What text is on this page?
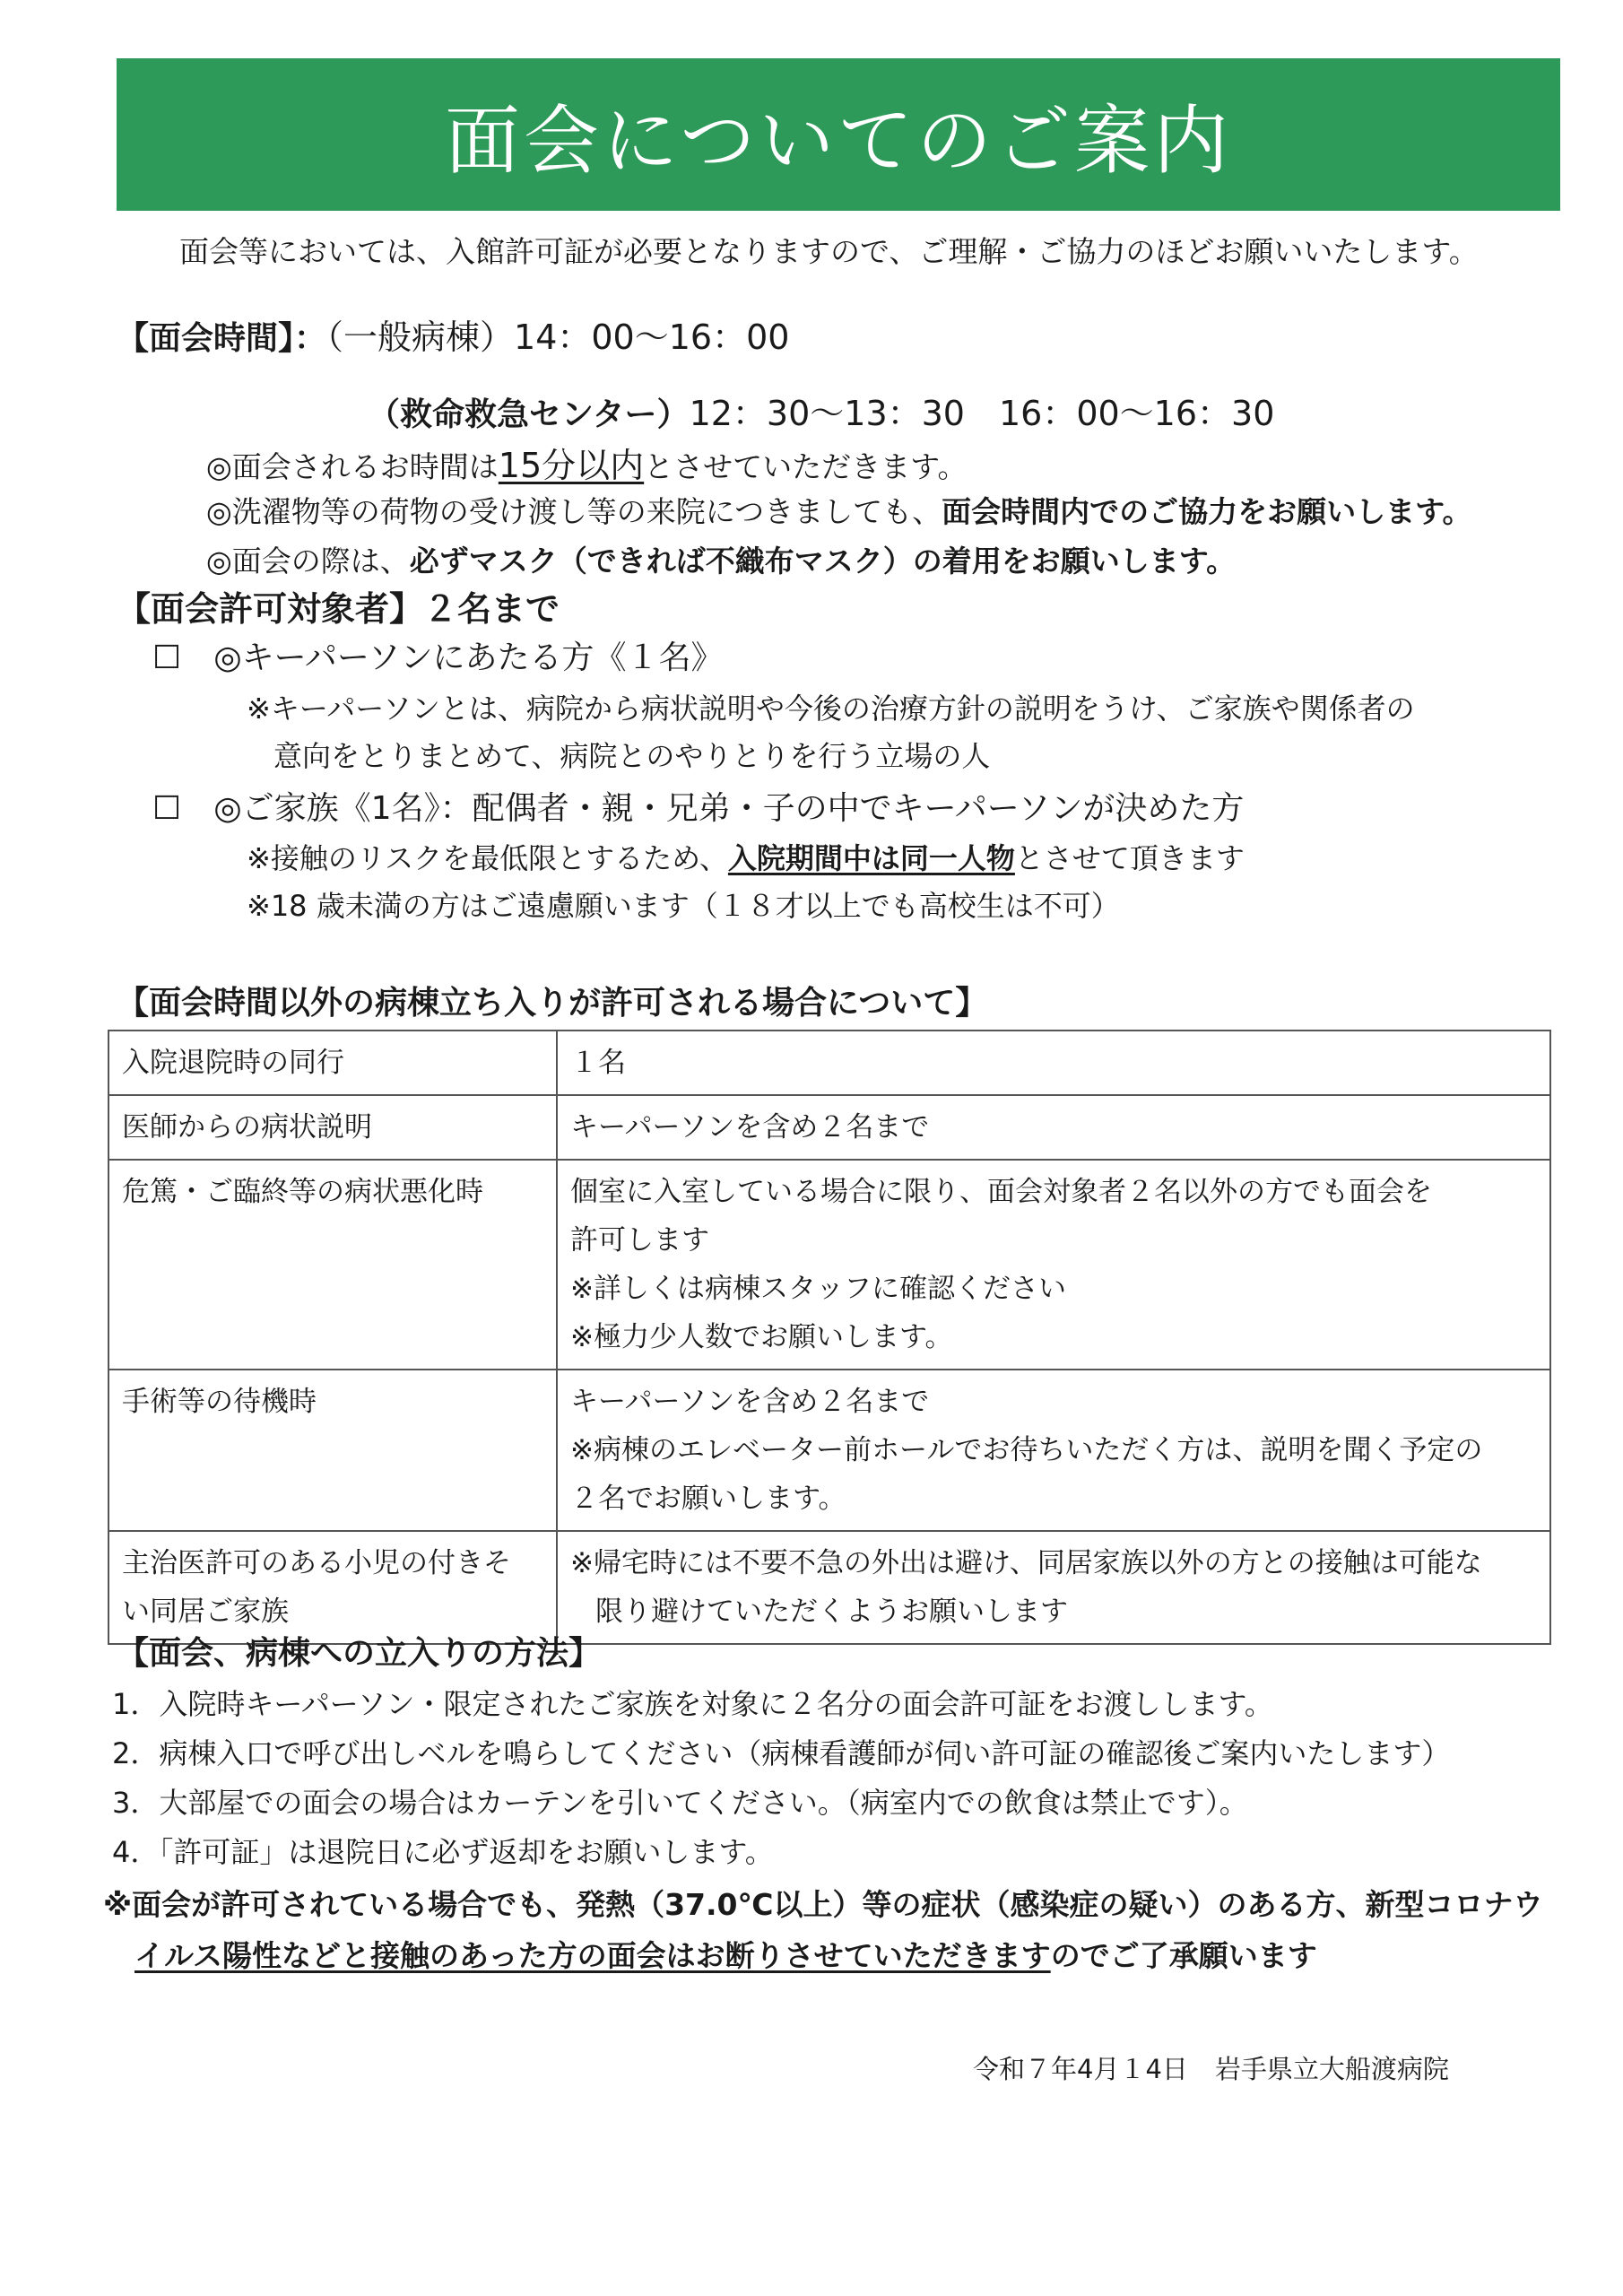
面会についてのご案内
面会等においては、入館許可証が必要となりますので、ご理解・ご協力のほどお願いいたします。
【面会時間】：（一般病棟）14：00〜16：00
（救命救急センター）12：30〜13：30　16：00〜16：30
◎面会されるお時間は15分以内とさせていただきます。
◎洗濯物等の荷物の受け渡し等の来院につきましても、面会時間内でのご協力をお願いします。
◎面会の際は、必ずマスク（できれば不織布マスク）の着用をお願いします。
【面会許可対象者】２名まで
☐　◎キーパーソンにあたる方《１名》
※キーパーソンとは、病院から病状説明や今後の治療方針の説明をうけ、ご家族や関係者の
意向をとりまとめて、病院とのやりとりを行う立場の人
☐　◎ご家族《1名》：配偶者・親・兄弟・子の中でキーパーソンが決めた方
※接触のリスクを最低限とするため、入院期間中は同一人物とさせて頂きます
※18 歳未満の方はご遠慮願います（１８才以上でも高校生は不可）
【面会時間以外の病棟立ち入りが許可される場合について】
入院退院時の同行	１名

医師からの病状説明	キーパーソンを含め２名まで

危篤・ご臨終等の病状悪化時	個室に入室している場合に限り、面会対象者２名以外の方でも面会を
許可します
※詳しくは病棟スタッフに確認ください
※極力少人数でお願いします。

手術等の待機時	キーパーソンを含め２名まで
※病棟のエレベーター前ホールでお待ちいただく方は、説明を聞く予定の
２名でお願いします。

主治医許可のある小児の付きそ
い同居ご家族	※帰宅時には不要不急の外出は避け、同居家族以外の方との接触は可能な
限り避けていただくようお願いします
【面会、病棟への立入りの方法】
1．入院時キーパーソン・限定されたご家族を対象に２名分の面会許可証をお渡しします。
2．病棟入口で呼び出しベルを鳴らしてください（病棟看護師が伺い許可証の確認後ご案内いたします）
3．大部屋での面会の場合はカーテンを引いてください。（病室内での飲食は禁止です）。
4．「許可証」は退院日に必ず返却をお願いします。
※面会が許可されている場合でも、発熱（37.0℃以上）等の症状（感染症の疑い）のある方、新型コロナウ
イルス陽性などと接触のあった方の面会はお断りさせていただきますのでご了承願います
令和７年4月１4日 岩手県立大船渡病院
